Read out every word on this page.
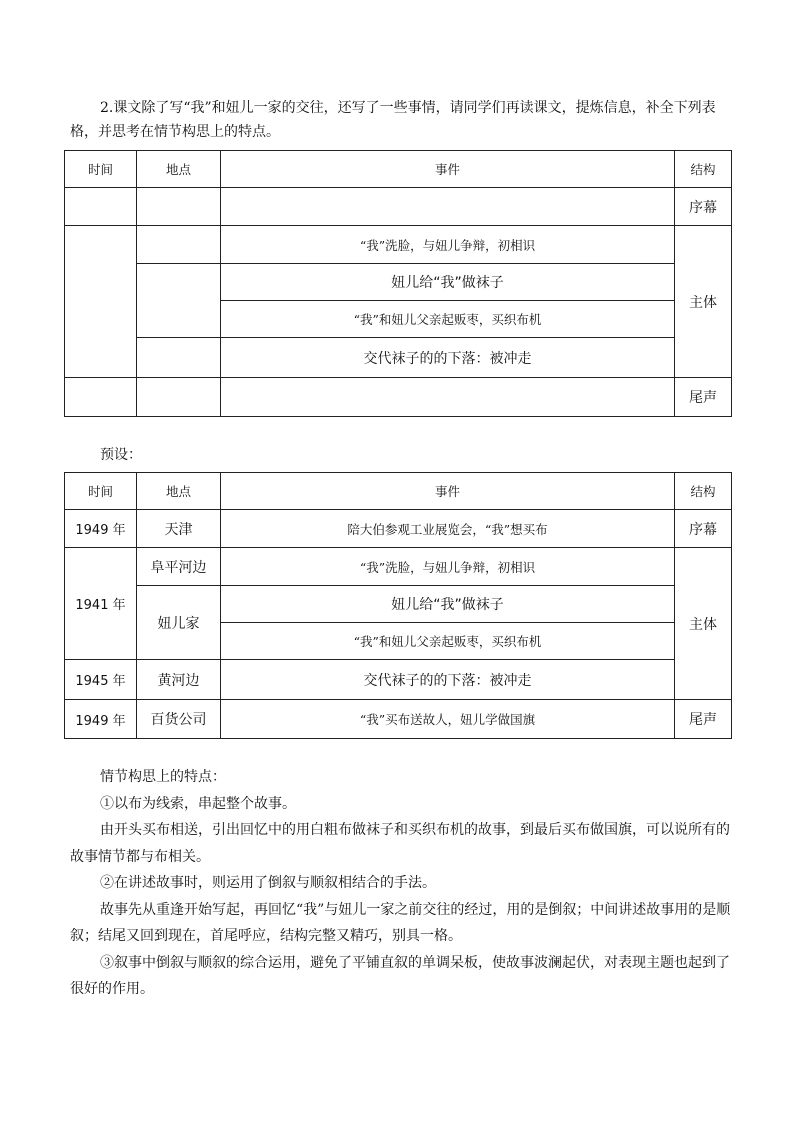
2.课文除了写“我”和妞儿一家的交往，还写了一些事情，请同学们再读课文，提炼信息，补全下列表格，并思考在情节构思上的特点。

时间	地点	事件	结构
			序幕
		“我”洗脸，与妞儿争辩，初相识	主体
		妞儿给“我”做袜子	
		“我”和妞儿父亲起贩枣，买织布机	
		交代袜子的的下落：被冲走	
			尾声
预设：
时间	地点	事件	结构
1949 年	天津	陪大伯参观工业展览会，“我”想买布	序幕
1941 年	阜平河边	“我”洗脸，与妞儿争辩，初相识	主体
	妞儿家	妞儿给“我”做袜子	
		“我”和妞儿父亲起贩枣，买织布机	
1945 年	黄河边	交代袜子的的下落：被冲走	
1949 年	百货公司	“我”买布送故人，妞儿学做国旗	尾声

情节构思上的特点：

①以布为线索，串起整个故事。

由开头买布相送，引出回忆中的用白粗布做袜子和买织布机的故事，到最后买布做国旗，可以说所有的故事情节都与布相关。

②在讲述故事时，则运用了倒叙与顺叙相结合的手法。

故事先从重逢开始写起，再回忆“我”与妞儿一家之前交往的经过，用的是倒叙；中间讲述故事用的是顺叙；结尾又回到现在，首尾呼应，结构完整又精巧，别具一格。

③叙事中倒叙与顺叙的综合运用，避免了平铺直叙的单调呆板，使故事波澜起伏，对表现主题也起到了很好的作用。
